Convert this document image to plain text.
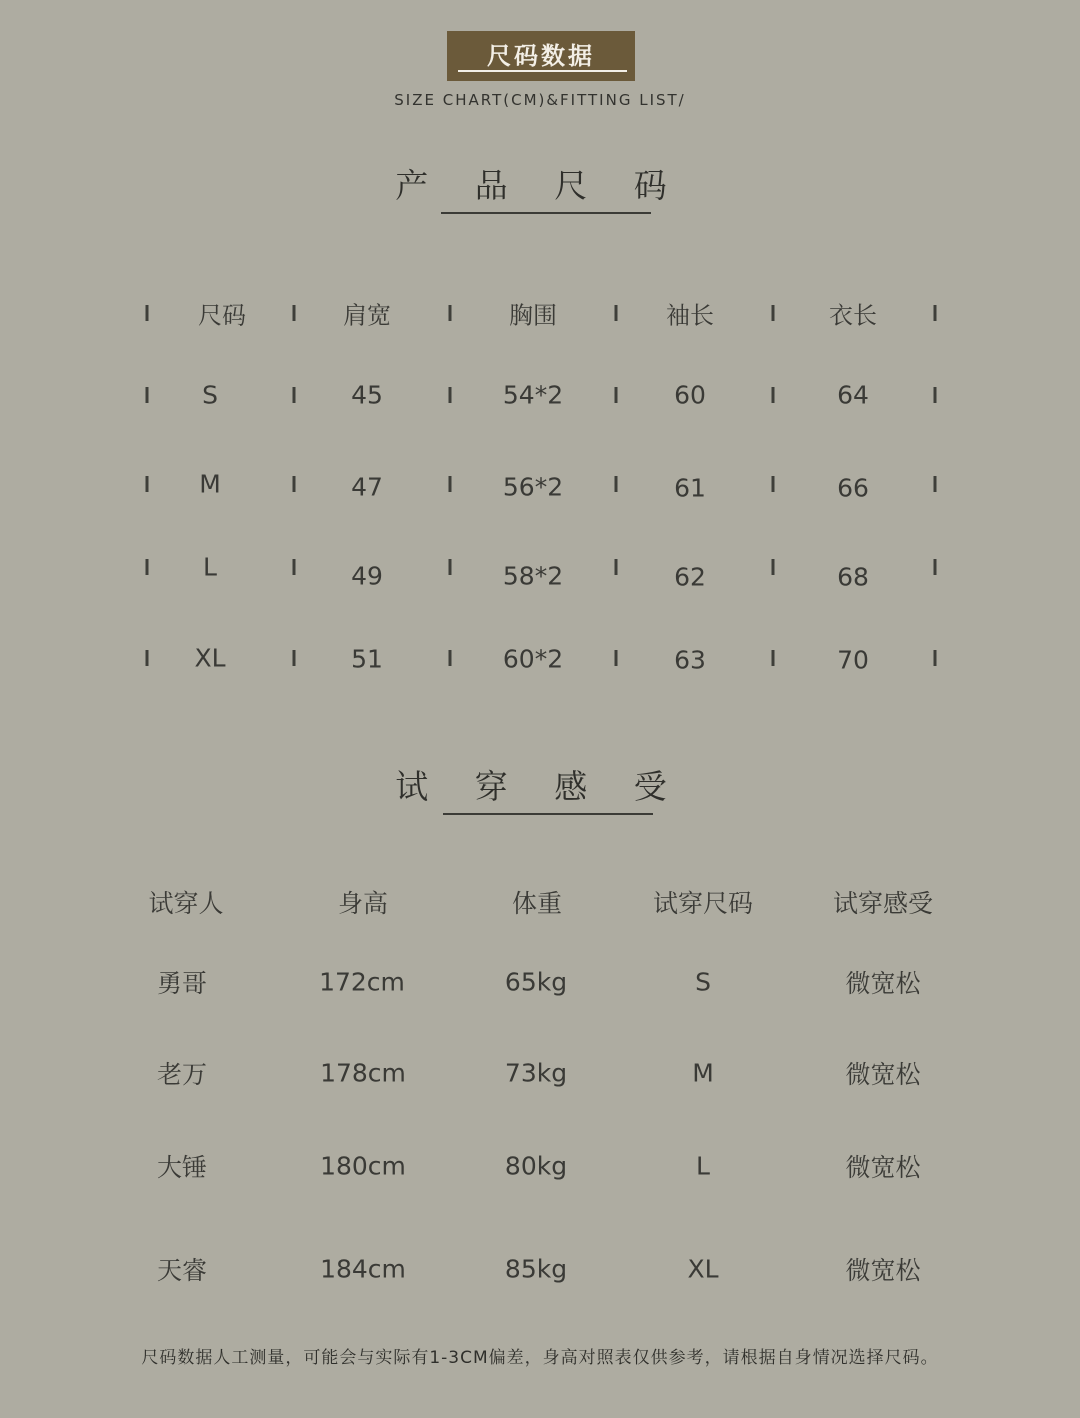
尺码数据
SIZE CHART(CM)&FITTING LIST/
产 品 尺 码
尺码	肩宽	胸围	袖长	衣长
S	45	54*2	60	64
M	47	56*2	61	66
L	49	58*2	62	68
XL	51	60*2	63	70
试 穿 感 受
试穿人	身高	体重	试穿尺码	试穿感受
勇哥	172cm	65kg	S	微宽松
老万	178cm	73kg	M	微宽松
大锤	180cm	80kg	L	微宽松
天睿	184cm	85kg	XL	微宽松
尺码数据人工测量，可能会与实际有1-3CM偏差，身高对照表仅供参考，请根据自身情况选择尺码。
